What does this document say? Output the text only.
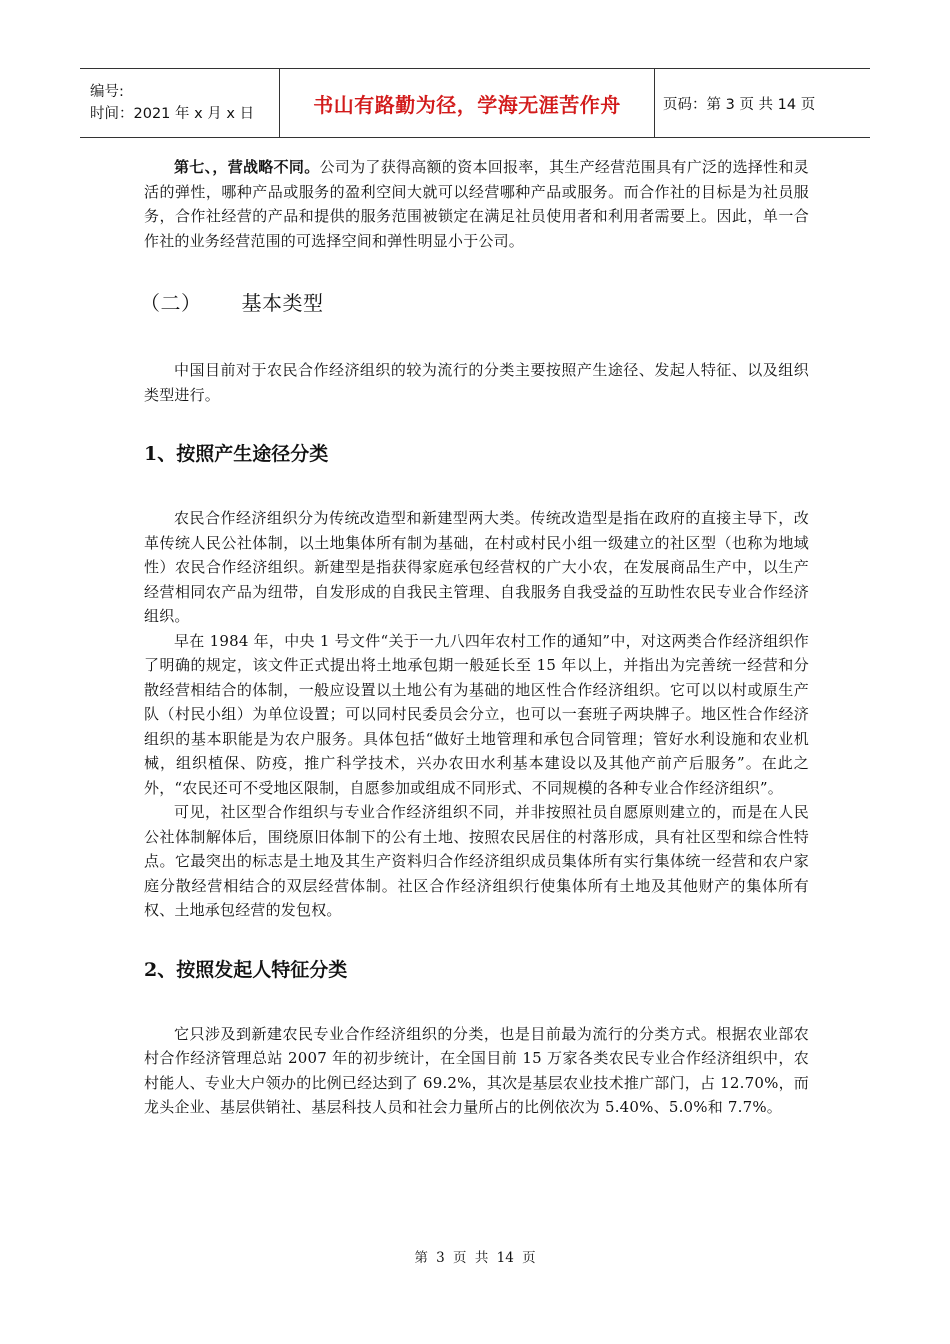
编号:
时间：2021 年 x 月 x 日	书山有路勤为径，学海无涯苦作舟	页码：第 3 页 共 14 页

第七、，营战略不同。公司为了获得高额的资本回报率，其生产经营范围具有广泛的选择性和灵活的弹性，哪种产品或服务的盈利空间大就可以经营哪种产品或服务。而合作社的目标是为社员服务，合作社经营的产品和提供的服务范围被锁定在满足社员使用者和利用者需要上。因此，单一合作社的业务经营范围的可选择空间和弹性明显小于公司。

（二） 基本类型

中国目前对于农民合作经济组织的较为流行的分类主要按照产生途径、发起人特征、以及组织类型进行。

1、按照产生途径分类

农民合作经济组织分为传统改造型和新建型两大类。传统改造型是指在政府的直接主导下，改革传统人民公社体制，以土地集体所有制为基础，在村或村民小组一级建立的社区型（也称为地域性）农民合作经济组织。新建型是指获得家庭承包经营权的广大小农，在发展商品生产中，以生产经营相同农产品为纽带，自发形成的自我民主管理、自我服务自我受益的互助性农民专业合作经济组织。

早在 1984 年，中央 1 号文件“关于一九八四年农村工作的通知”中，对这两类合作经济组织作了明确的规定，该文件正式提出将土地承包期一般延长至 15 年以上，并指出为完善统一经营和分散经营相结合的体制，一般应设置以土地公有为基础的地区性合作经济组织。它可以以村或原生产队（村民小组）为单位设置；可以同村民委员会分立，也可以一套班子两块牌子。地区性合作经济组织的基本职能是为农户服务。具体包括“做好土地管理和承包合同管理；管好水利设施和农业机械，组织植保、防疫，推广科学技术，兴办农田水利基本建设以及其他产前产后服务”。在此之外，“农民还可不受地区限制，自愿参加或组成不同形式、不同规模的各种专业合作经济组织”。

可见，社区型合作组织与专业合作经济组织不同，并非按照社员自愿原则建立的，而是在人民公社体制解体后，围绕原旧体制下的公有土地、按照农民居住的村落形成，具有社区型和综合性特点。它最突出的标志是土地及其生产资料归合作经济组织成员集体所有实行集体统一经营和农户家庭分散经营相结合的双层经营体制。社区合作经济组织行使集体所有土地及其他财产的集体所有权、土地承包经营的发包权。

2、按照发起人特征分类

它只涉及到新建农民专业合作经济组织的分类，也是目前最为流行的分类方式。根据农业部农村合作经济管理总站 2007 年的初步统计，在全国目前 15 万家各类农民专业合作经济组织中，农村能人、专业大户领办的比例已经达到了 69.2%，其次是基层农业技术推广部门，占 12.70%，而龙头企业、基层供销社、基层科技人员和社会力量所占的比例依次为 5.40%、5.0%和 7.7%。

第 3 页 共 14 页
